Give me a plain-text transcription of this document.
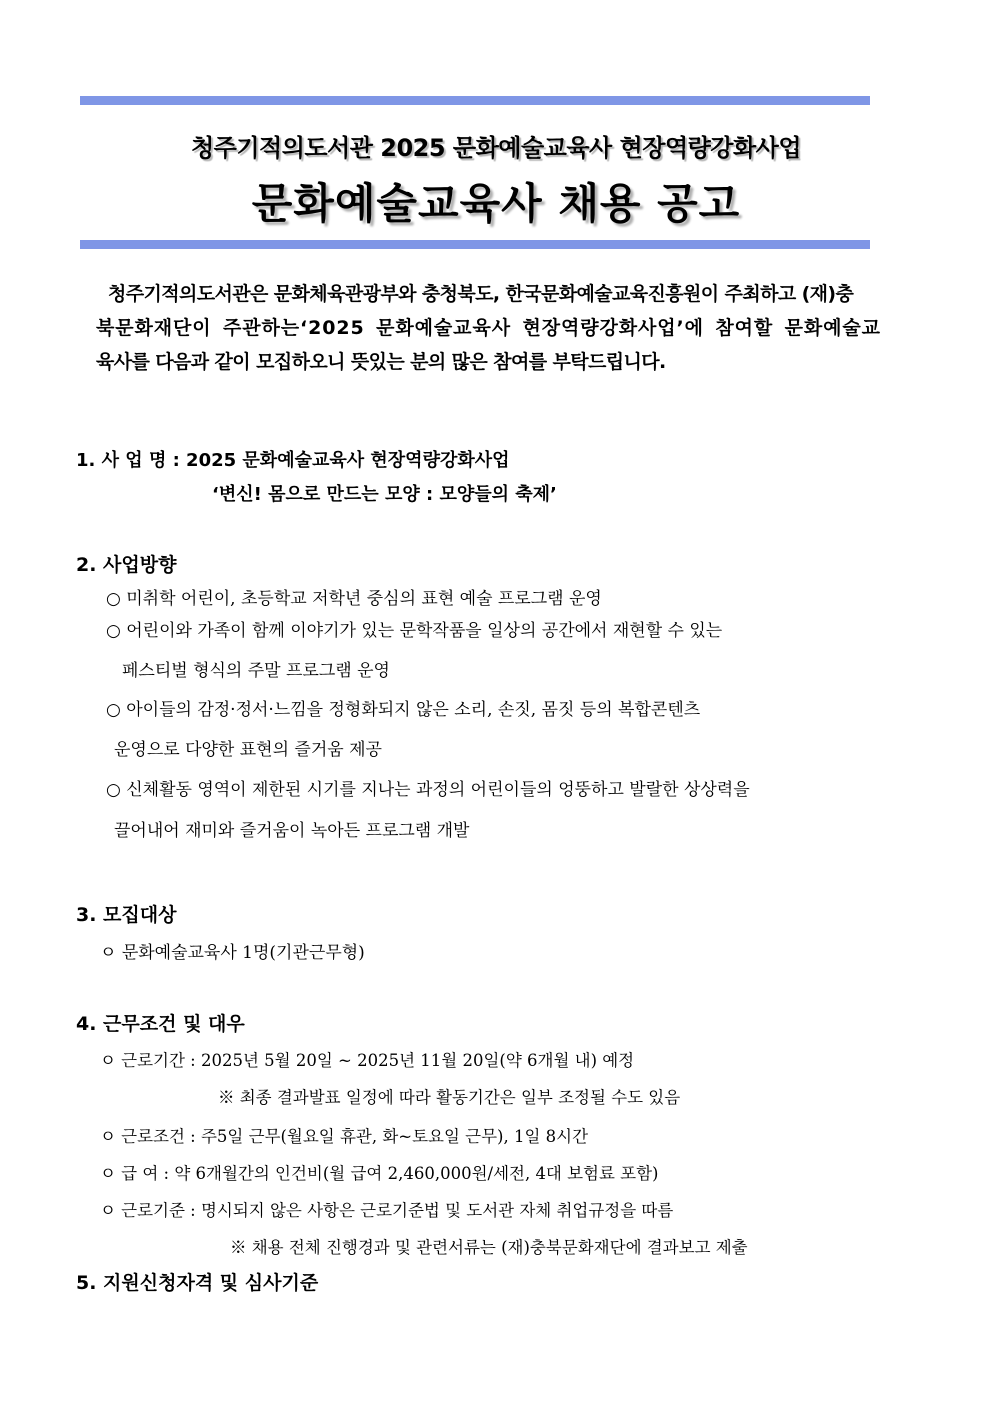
청주기적의도서관 2025 문화예술교육사 현장역량강화사업
문화예술교육사 채용 공고

청주기적의도서관은 문화체육관광부와 충청북도, 한국문화예술교육진흥원이 주최하고 (재)충

북문화재단이 주관하는‘2025 문화예술교육사 현장역량강화사업’에 참여할 문화예술교

육사를 다음과 같이 모집하오니 뜻있는 분의 많은 참여를 부탁드립니다.

1. 사 업 명 : 2025 문화예술교육사 현장역량강화사업
‘변신! 몸으로 만드는 모양 : 모양들의 축제’
2. 사업방향
○ 미취학 어린이, 초등학교 저학년 중심의 표현 예술 프로그램 운영
○ 어린이와 가족이 함께 이야기가 있는 문학작품을 일상의 공간에서 재현할 수 있는
페스티벌 형식의 주말 프로그램 운영
○ 아이들의 감정·정서·느낌을 정형화되지 않은 소리, 손짓, 몸짓 등의 복합콘텐츠
운영으로 다양한 표현의 즐거움 제공
○ 신체활동 영역이 제한된 시기를 지나는 과정의 어린이들의 엉뚱하고 발랄한 상상력을
끌어내어 재미와 즐거움이 녹아든 프로그램 개발
3. 모집대상
ㅇ 문화예술교육사 1명(기관근무형)
4. 근무조건 및 대우
ㅇ 근로기간 : 2025년 5월 20일 ~ 2025년 11월 20일(약 6개월 내) 예정
※ 최종 결과발표 일정에 따라 활동기간은 일부 조정될 수도 있음
ㅇ 근로조건 : 주5일 근무(월요일 휴관, 화~토요일 근무), 1일 8시간
ㅇ 급 여 : 약 6개월간의 인건비(월 급여 2,460,000원/세전, 4대 보험료 포함)
ㅇ 근로기준 : 명시되지 않은 사항은 근로기준법 및 도서관 자체 취업규정을 따름
※ 채용 전체 진행경과 및 관련서류는 (재)충북문화재단에 결과보고 제출
5. 지원신청자격 및 심사기준
